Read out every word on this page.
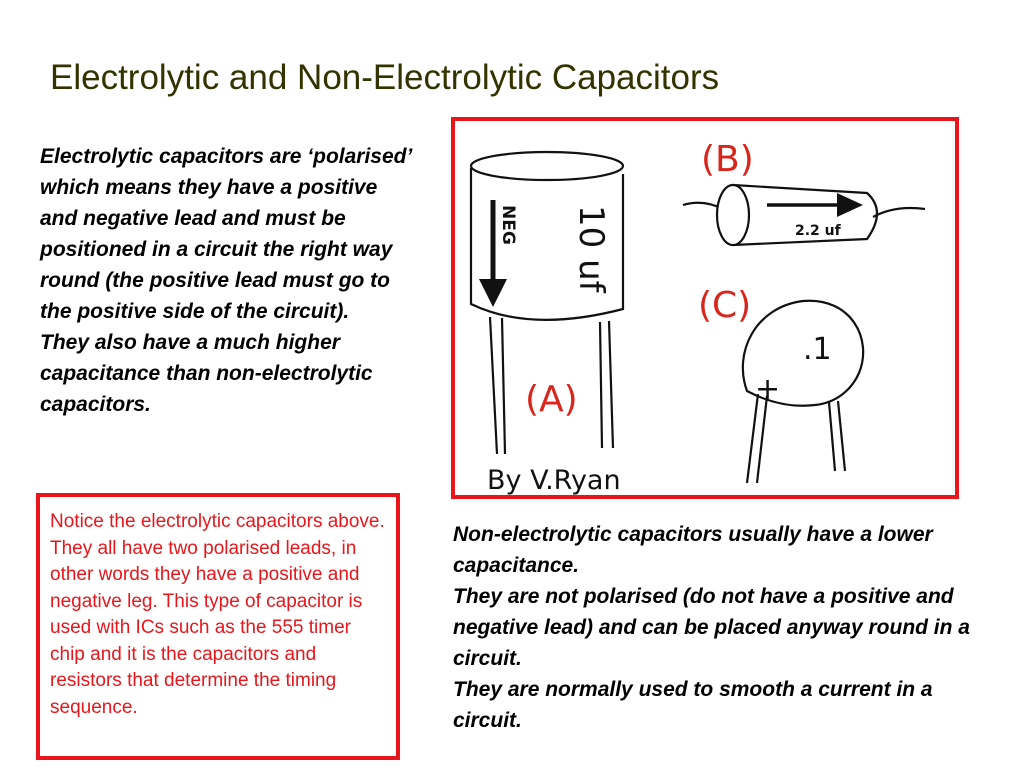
Electrolytic and Non-Electrolytic Capacitors

Electrolytic capacitors are ‘polarised’ which means they have a positive and negative lead and must be positioned in a circuit the right way round (the positive lead must go to the positive side of the circuit).

They also have a much higher capacitance than non-electrolytic capacitors.

NEG 10 uf
(A)
(B)
2.2 uf
(C)
.1
+
By V.Ryan
Notice the electrolytic capacitors above. They all have two polarised leads, in other words they have a positive and negative leg. This type of capacitor is used with ICs such as the 555 timer chip and it is the capacitors and resistors that determine the timing sequence.

Non-electrolytic capacitors usually have a lower capacitance.

They are not polarised (do not have a positive and negative lead) and can be placed anyway round in a circuit.

They are normally used to smooth a current in a circuit.
